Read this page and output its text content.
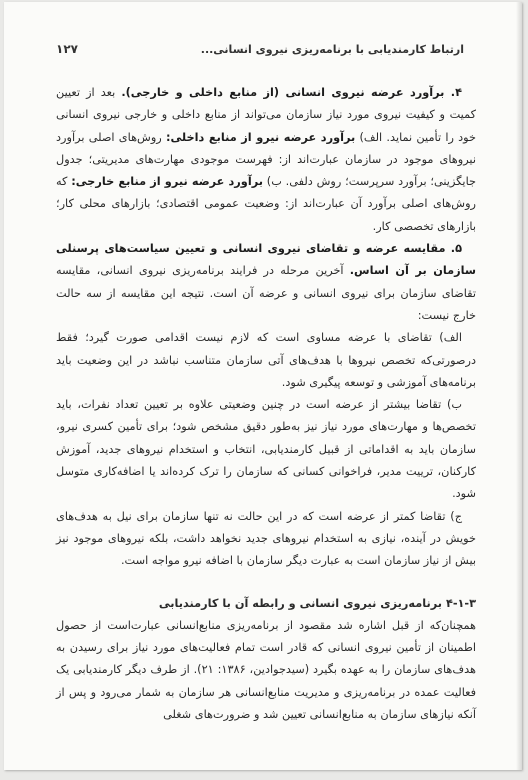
ارتباط کارمندیابی با برنامه‌ریزی نیروی انسانی...
۱۲۷

۴. برآورد عرضه نیروی انسانی (از منابع داخلی و خارجی). بعد از تعیین کمیت و کیفیت نیروی مورد نیاز سازمان می‌تواند از منابع داخلی و خارجی نیروی انسانی خود را تأمین نماید. الف) برآورد عرضه نیرو از منابع داخلی: روش‌های اصلی برآورد نیروهای موجود در سازمان عبارت‌اند از: فهرست موجودی مهارت‌های مدیریتی؛ جدول جایگزینی؛ برآورد سرپرست؛ روش دلفی. ب) برآورد عرضه نیرو از منابع خارجی: که روش‌های اصلی برآورد آن عبارت‌اند از: وضعیت عمومی اقتصادی؛ بازارهای محلی کار؛ بازارهای تخصصی کار.

۵. مقایسه عرضه و تقاضای نیروی انسانی و تعیین سیاست‌های پرسنلی سازمان بر آن اساس. آخرین مرحله در فرایند برنامه‌ریزی نیروی انسانی، مقایسه تقاضای سازمان برای نیروی انسانی و عرضه آن است. نتیجه این مقایسه از سه حالت خارج نیست:

الف) تقاضای با عرضه مساوی است که لازم نیست اقدامی صورت گیرد؛ فقط درصورتی‌که تخصص نیروها با هدف‌های آتی سازمان متناسب نباشد در این وضعیت باید برنامه‌های آموزشی و توسعه پیگیری شود.

ب) تقاضا بیشتر از عرضه است در چنین وضعیتی علاوه بر تعیین تعداد نفرات، باید تخصص‌ها و مهارت‌های مورد نیاز نیز به‌طور دقیق مشخص شود؛ برای تأمین کسری نیرو، سازمان باید به اقداماتی از قبیل کارمندیابی، انتخاب و استخدام نیروهای جدید، آموزش کارکنان، ترییت مدیر، فراخوانی کسانی که سازمان را ترک کرده‌اند یا اضافه‌کاری متوسل شود.

ج) تقاضا کمتر از عرضه است که در این حالت نه تنها سازمان برای نیل به هدف‌های خویش در آینده، نیازی به استخدام نیروهای جدید نخواهد داشت، بلکه نیروهای موجود نیز بیش از نیاز سازمان است به عبارت دیگر سازمان با اضافه نیرو مواجه است.

۴-۱-۳ برنامه‌ریزی نیروی انسانی و رابطه آن با کارمندیابی

همچنان‌که از قبل اشاره شد مقصود از برنامه‌ریزی منابع‌انسانی عبارت‌است از حصول اطمینان از تأمین نیروی انسانی که قادر است تمام فعالیت‌های مورد نیاز برای رسیدن به هدف‌های سازمان را به عهده بگیرد (سیدجوادین، ۱۳۸۶: ۲۱). از طرف دیگر کارمندیابی یک فعالیت عمده در برنامه‌ریزی و مدیریت منابع‌انسانی هر سازمان به شمار می‌رود و پس از آنکه نیازهای سازمان به منابع‌انسانی تعیین شد و ضرورت‌های شغلی
